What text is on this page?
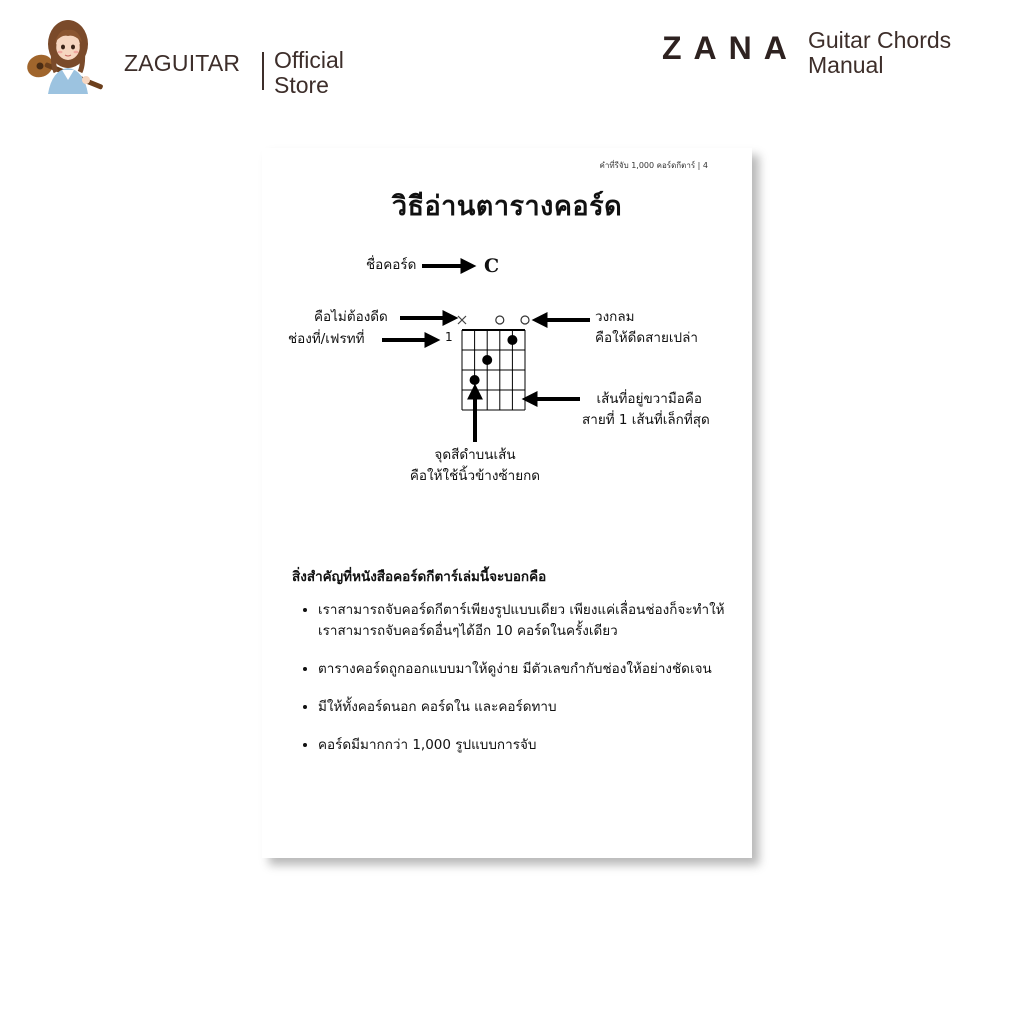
ZAGUITAR Official
Store
ZANA Guitar Chords
Manual
คำที่รีจับ 1,000 คอร์ดกีตาร์ | 4
วิธีอ่านตารางคอร์ด
C
1
ชื่อคอร์ด
คือไม่ต้องดีด
ช่องที่/เฟรทที่
วงกลม
คือให้ดีดสายเปล่า
เส้นที่อยู่ขวามือคือ
สายที่ 1 เส้นที่เล็กที่สุด
จุดสีดำบนเส้น
คือให้ใช้นิ้วข้างซ้ายกด
สิ่งสำคัญที่หนังสือคอร์ดกีตาร์เล่มนี้จะบอกคือ
• เราสามารถจับคอร์ดกีตาร์เพียงรูปแบบเดียว เพียงแค่เลื่อนช่องก็จะทำให้เราสามารถจับคอร์ดอื่นๆได้อีก 10 คอร์ดในครั้งเดียว
• ตารางคอร์ดถูกออกแบบมาให้ดูง่าย มีตัวเลขกำกับช่องให้อย่างชัดเจน
• มีให้ทั้งคอร์ดนอก คอร์ดใน และคอร์ดทาบ
• คอร์ดมีมากกว่า 1,000 รูปแบบการจับ
